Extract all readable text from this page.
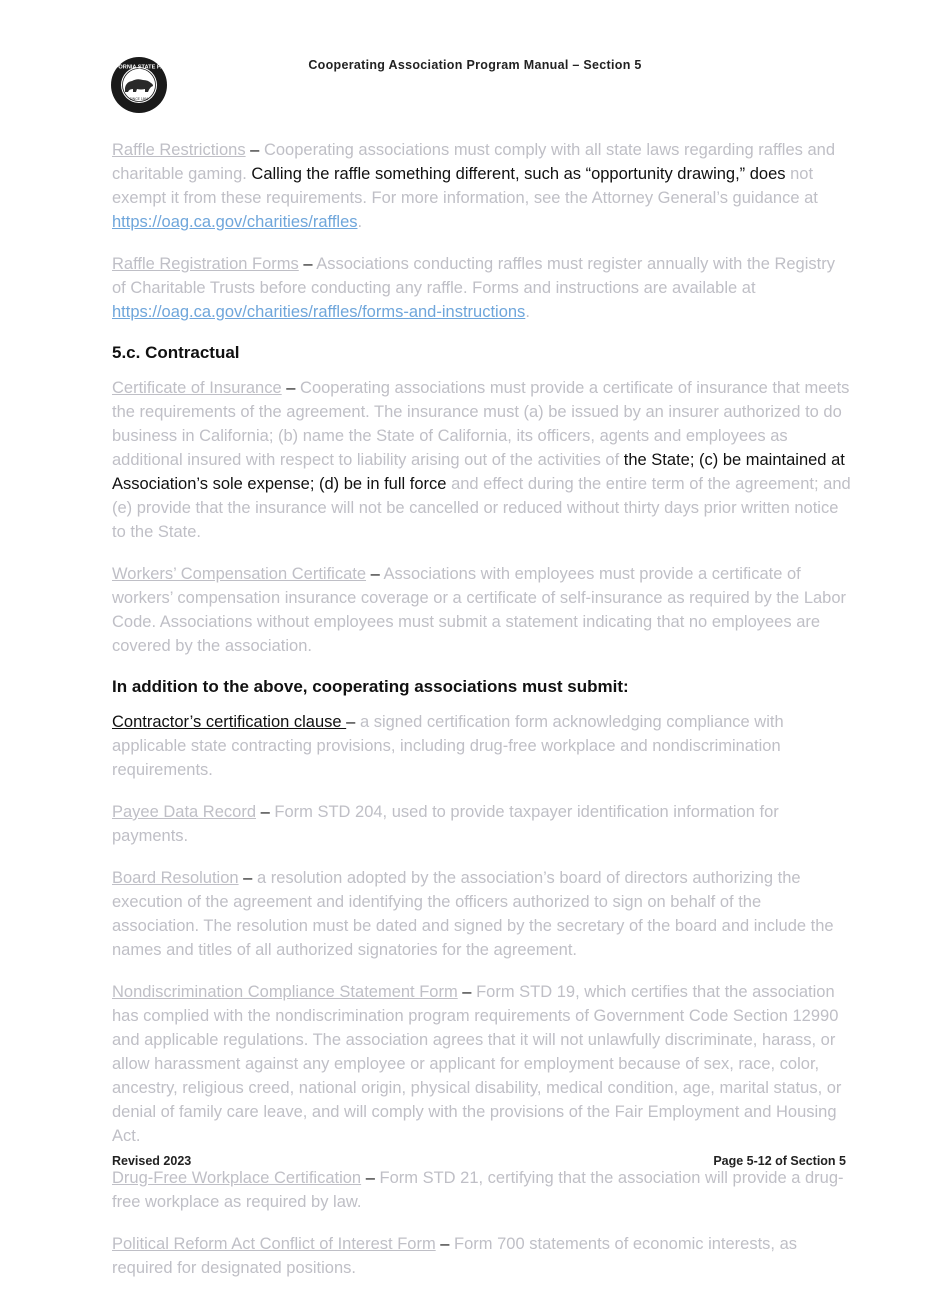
SINCE 1864
CALIFORNIA STATE PARKS	Cooperating Association Program Manual – Section 5

Raffle Restrictions – Cooperating associations must comply with all state laws regarding raffles and charitable gaming. Calling the raffle something different, such as “opportunity drawing,” does not exempt it from these requirements. For more information, see the Attorney General’s guidance at https://oag.ca.gov/charities/raffles.

Raffle Registration Forms – Associations conducting raffles must register annually with the Registry of Charitable Trusts before conducting any raffle. Forms and instructions are available at https://oag.ca.gov/charities/raffles/forms-and-instructions.

5.c. Contractual

Certificate of Insurance – Cooperating associations must provide a certificate of insurance that meets the requirements of the agreement. The insurance must (a) be issued by an insurer authorized to do business in California; (b) name the State of California, its officers, agents and employees as additional insured with respect to liability arising out of the activities of the State; (c) be maintained at Association’s sole expense; (d) be in full force and effect during the entire term of the agreement; and (e) provide that the insurance will not be cancelled or reduced without thirty days prior written notice to the State.

Workers’ Compensation Certificate – Associations with employees must provide a certificate of workers’ compensation insurance coverage or a certificate of self-insurance as required by the Labor Code. Associations without employees must submit a statement indicating that no employees are covered by the association.

In addition to the above, cooperating associations must submit:

Contractor’s certification clause – a signed certification form acknowledging compliance with applicable state contracting provisions, including drug-free workplace and nondiscrimination requirements.

Payee Data Record – Form STD 204, used to provide taxpayer identification information for payments.

Board Resolution – a resolution adopted by the association’s board of directors authorizing the execution of the agreement and identifying the officers authorized to sign on behalf of the association. The resolution must be dated and signed by the secretary of the board and include the names and titles of all authorized signatories for the agreement.

Nondiscrimination Compliance Statement Form – Form STD 19, which certifies that the association has complied with the nondiscrimination program requirements of Government Code Section 12990 and applicable regulations. The association agrees that it will not unlawfully discriminate, harass, or allow harassment against any employee or applicant for employment because of sex, race, color, ancestry, religious creed, national origin, physical disability, medical condition, age, marital status, or denial of family care leave, and will comply with the provisions of the Fair Employment and Housing Act.

Drug-Free Workplace Certification – Form STD 21, certifying that the association will provide a drug-free workplace as required by law.

Political Reform Act Conflict of Interest Form – Form 700 statements of economic interests, as required for designated positions.

Revised 2023	Page 5-12 of Section 5
